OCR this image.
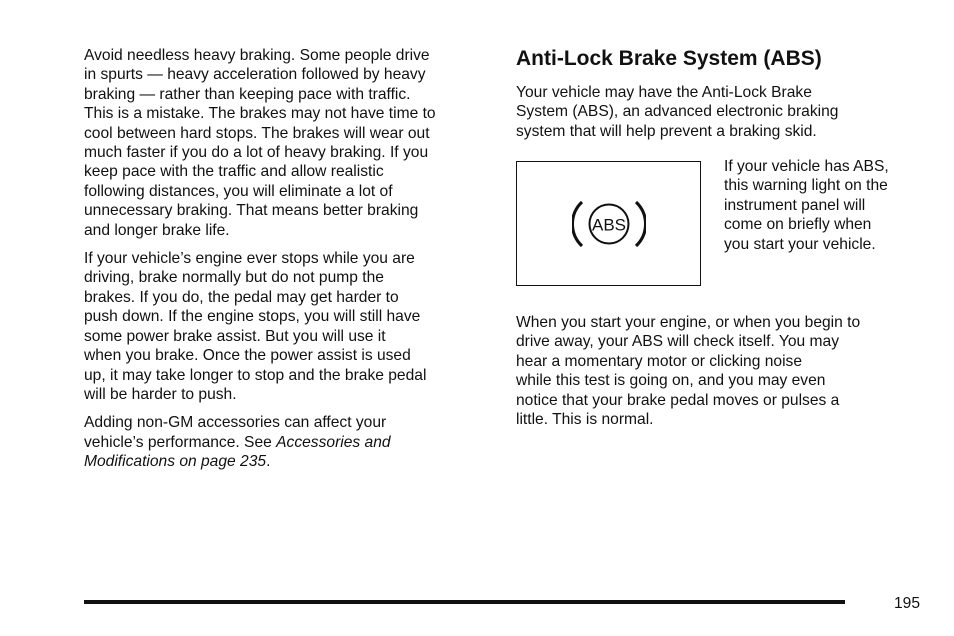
Avoid needless heavy braking. Some people drive
in spurts — heavy acceleration followed by heavy
braking — rather than keeping pace with traffic.
This is a mistake. The brakes may not have time to
cool between hard stops. The brakes will wear out
much faster if you do a lot of heavy braking. If you
keep pace with the traffic and allow realistic
following distances, you will eliminate a lot of
unnecessary braking. That means better braking
and longer brake life.

If your vehicle’s engine ever stops while you are
driving, brake normally but do not pump the
brakes. If you do, the pedal may get harder to
push down. If the engine stops, you will still have
some power brake assist. But you will use it
when you brake. Once the power assist is used
up, it may take longer to stop and the brake pedal
will be harder to push.

Adding non-GM accessories can affect your
vehicle’s performance. See Accessories and
Modifications on page 235.

Anti-Lock Brake System (ABS)

Your vehicle may have the Anti-Lock Brake
System (ABS), an advanced electronic braking
system that will help prevent a braking skid.

ABS

If your vehicle has ABS,
this warning light on the
instrument panel will
come on briefly when
you start your vehicle.

When you start your engine, or when you begin to
drive away, your ABS will check itself. You may
hear a momentary motor or clicking noise
while this test is going on, and you may even
notice that your brake pedal moves or pulses a
little. This is normal.

195
